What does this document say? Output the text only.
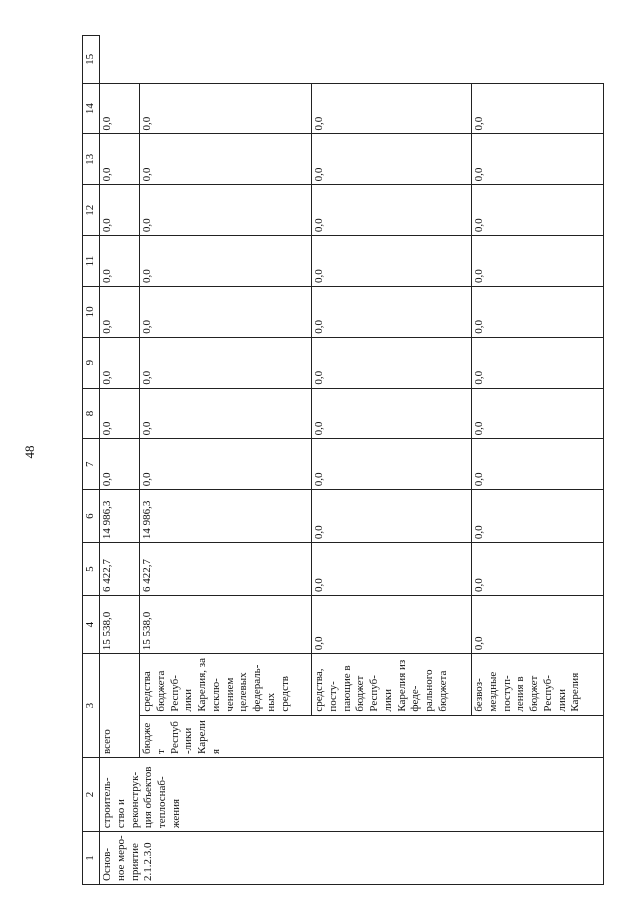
48
1	2	3		4	5	6	7	8	9	10	11	12	13	14	15
Основ-ное меро-приятие 2.1.2.3.0	строитель-ство и реконструк-ция объектов теплоснаб-жения	всего		15 538,0	6 422,7	14 986,3	0,0	0,0	0,0	0,0	0,0	0,0	0,0	0,0	
		бюджет Респуб-лики Карелия	средства бюджета Респуб-лики Карелия, за исклю-чением целевых федераль-ных средств	15 538,0	6 422,7	14 986,3	0,0	0,0	0,0	0,0	0,0	0,0	0,0	0,0	
			средства, посту-пающие в бюджет Респуб-лики Карелия из феде-рального бюджета	0,0	0,0	0,0	0,0	0,0	0,0	0,0	0,0	0,0	0,0	0,0	
			безвоз-мездные поступ-ления в бюджет Респуб-лики Карелия	0,0	0,0	0,0	0,0	0,0	0,0	0,0	0,0	0,0	0,0	0,0	
